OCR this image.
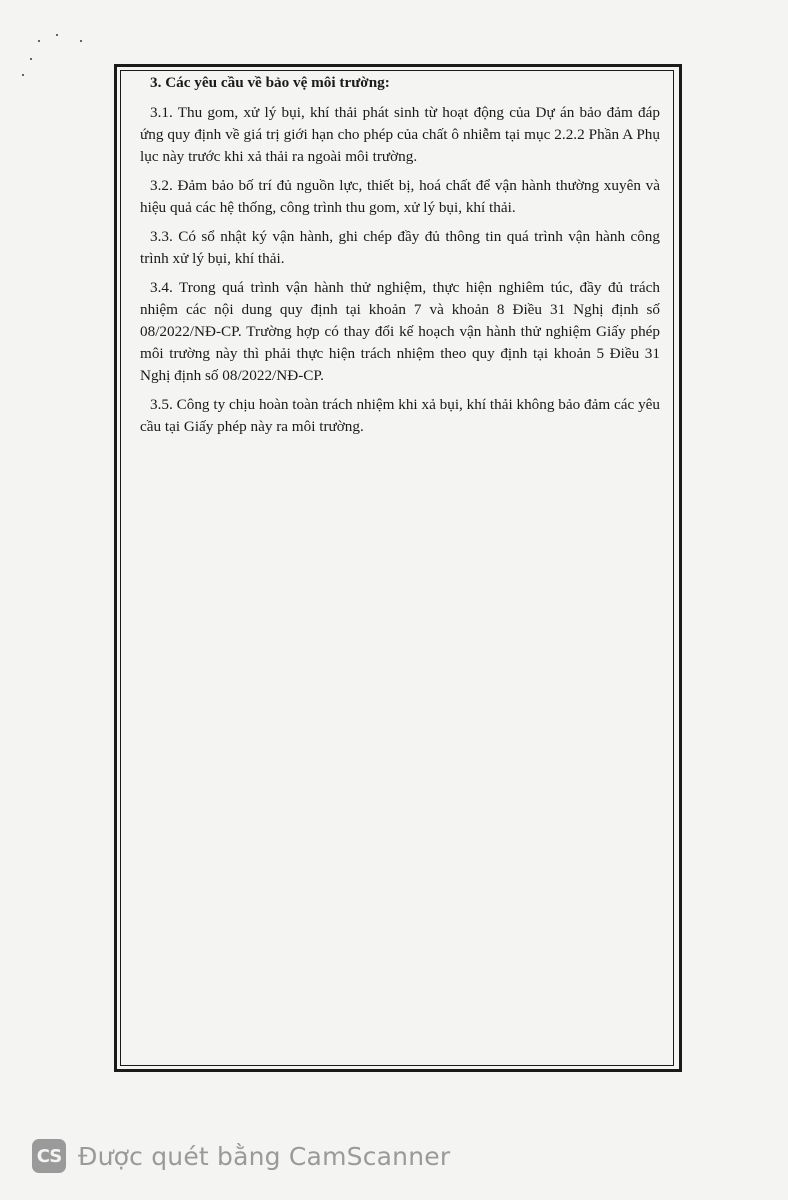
3. Các yêu cầu về bảo vệ môi trường:

3.1. Thu gom, xử lý bụi, khí thải phát sinh từ hoạt động của Dự án bảo đảm đáp ứng quy định về giá trị giới hạn cho phép của chất ô nhiễm tại mục 2.2.2 Phần A Phụ lục này trước khi xả thải ra ngoài môi trường.

3.2. Đảm bảo bố trí đủ nguồn lực, thiết bị, hoá chất để vận hành thường xuyên và hiệu quả các hệ thống, công trình thu gom, xử lý bụi, khí thải.

3.3. Có sổ nhật ký vận hành, ghi chép đầy đủ thông tin quá trình vận hành công trình xử lý bụi, khí thải.

3.4. Trong quá trình vận hành thử nghiệm, thực hiện nghiêm túc, đầy đủ trách nhiệm các nội dung quy định tại khoản 7 và khoản 8 Điều 31 Nghị định số 08/2022/NĐ-CP. Trường hợp có thay đổi kế hoạch vận hành thử nghiệm Giấy phép môi trường này thì phải thực hiện trách nhiệm theo quy định tại khoản 5 Điều 31 Nghị định số 08/2022/NĐ-CP.

3.5. Công ty chịu hoàn toàn trách nhiệm khi xả bụi, khí thải không bảo đảm các yêu cầu tại Giấy phép này ra môi trường.

CS Được quét bằng CamScanner
